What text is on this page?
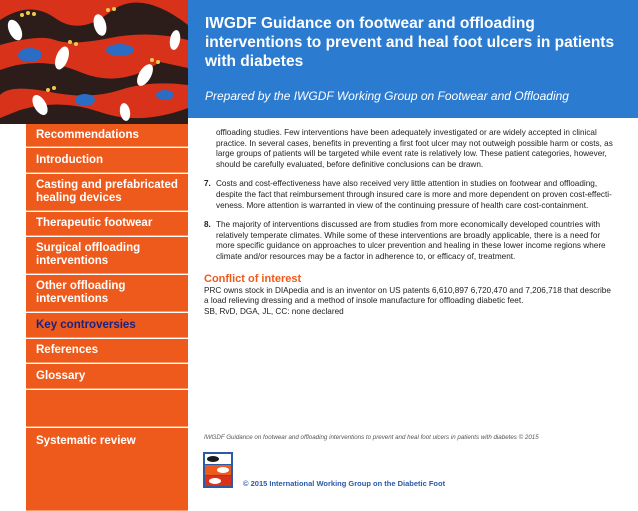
Recommendations
Introduction
Casting and prefabricated healing devices
Therapeutic footwear
Surgical offloading interventions
Other offloading interventions
Key controversies
References
Glossary
Systematic review
IWGDF Guidance on footwear and offloading interventions to prevent and heal foot ulcers in patients with diabetes
Prepared by the IWGDF Working Group on Footwear and Offloading
offloading studies. Few interventions have been adequately investigated or are widely accepted in clinical
practice. In several cases, benefits in preventing a first foot ulcer may not outweigh possible harm or costs, as
large groups of patients will be targeted while event rate is relatively low. These patient categories, however,
should be carefully evaluated, before definitive conclusions can be drawn.
7. Costs and cost-effectiveness have also received very little attention in studies on footwear and offloading,
despite the fact that reimbursement through insured care is more and more dependent on proven cost-effecti-
veness. More attention is warranted in view of the continuing pressure of health care cost-containment.
8. The majority of interventions discussed are from studies from more economically developed countries with
relatively temperate climates. While some of these interventions are broadly applicable, there is a need for
more specific guidance on approaches to ulcer prevention and healing in these lower income regions where
climate and/or resources may be a factor in adherence to, or efficacy of, treatment.
Conflict of interest
PRC owns stock in DIApedia and is an inventor on US patents 6,610,897 6,720,470 and 7,206,718 that describe
a load relieving dressing and a method of insole manufacture for offloading diabetic feet.
SB, RvD, DGA, JL, CC: none declared
IWGDF Guidance on footwear and offloading interventions to prevent and heal foot ulcers in patients with diabetes © 2015
© 2015 International Working Group on the Diabetic Foot
